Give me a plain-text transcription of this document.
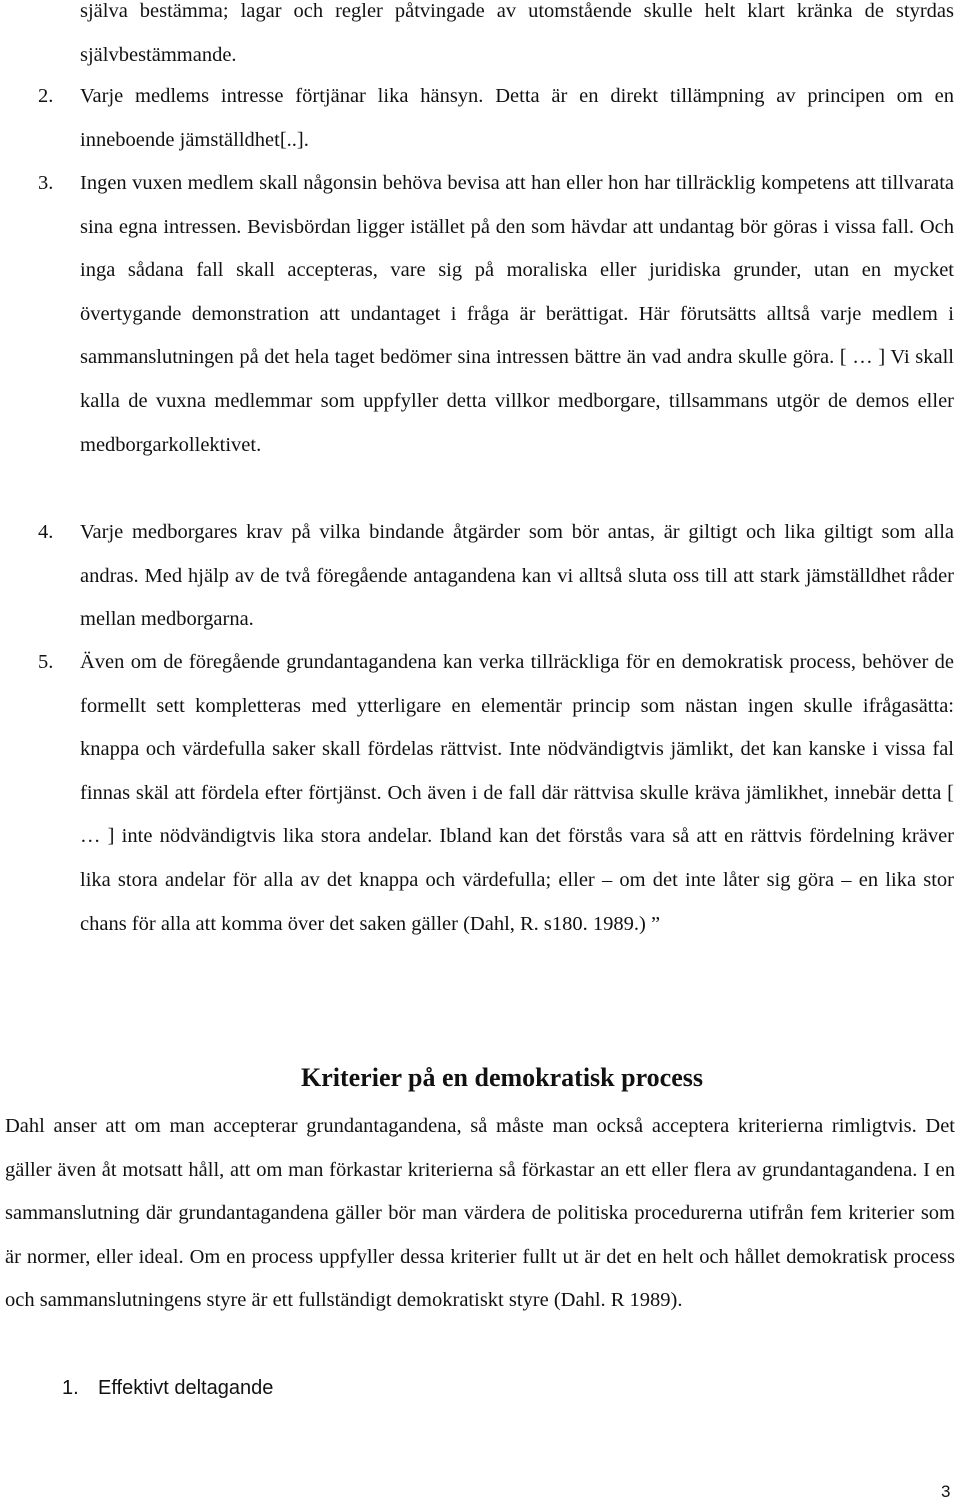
själva bestämma; lagar och regler påtvingade av utomstående skulle helt klart kränka de styrdas självbestämmande.

2. Varje medlems intresse förtjänar lika hänsyn. Detta är en direkt tillämpning av principen om en inneboende jämställdhet[..].
3. Ingen vuxen medlem skall någonsin behöva bevisa att han eller hon har tillräcklig kompetens att tillvarata sina egna intressen. Bevisbördan ligger istället på den som hävdar att undantag bör göras i vissa fall. Och inga sådana fall skall accepteras, vare sig på moraliska eller juridiska grunder, utan en mycket övertygande demonstration att undantaget i fråga är berättigat. Här förutsätts alltså varje medlem i sammanslutningen på det hela taget bedömer sina intressen bättre än vad andra skulle göra. [ … ] Vi skall kalla de vuxna medlemmar som uppfyller detta villkor medborgare, tillsammans utgör de demos eller medborgarkollektivet.
4. Varje medborgares krav på vilka bindande åtgärder som bör antas, är giltigt och lika giltigt som alla andras. Med hjälp av de två föregående antagandena kan vi alltså sluta oss till att stark jämställdhet råder mellan medborgarna.
5. Även om de föregående grundantagandena kan verka tillräckliga för en demokratisk process, behöver de formellt sett kompletteras med ytterligare en elementär princip som nästan ingen skulle ifrågasätta: knappa och värdefulla saker skall fördelas rättvist. Inte nödvändigtvis jämlikt, det kan kanske i vissa fal finnas skäl att fördela efter förtjänst. Och även i de fall där rättvisa skulle kräva jämlikhet, innebär detta [ … ] inte nödvändigtvis lika stora andelar. Ibland kan det förstås vara så att en rättvis fördelning kräver lika stora andelar för alla av det knappa och värdefulla; eller – om det inte låter sig göra – en lika stor chans för alla att komma över det saken gäller (Dahl, R. s180. 1989.) ”
Kriterier på en demokratisk process

Dahl anser att om man accepterar grundantagandena, så måste man också acceptera kriterierna rimligtvis. Det gäller även åt motsatt håll, att om man förkastar kriterierna så förkastar an ett eller flera av grundantagandena. I en sammanslutning där grundantagandena gäller bör man värdera de politiska procedurerna utifrån fem kriterier som är normer, eller ideal. Om en process uppfyller dessa kriterier fullt ut är det en helt och hållet demokratisk process och sammanslutningens styre är ett fullständigt demokratiskt styre (Dahl. R 1989).

1. Effektivt deltagande
3
